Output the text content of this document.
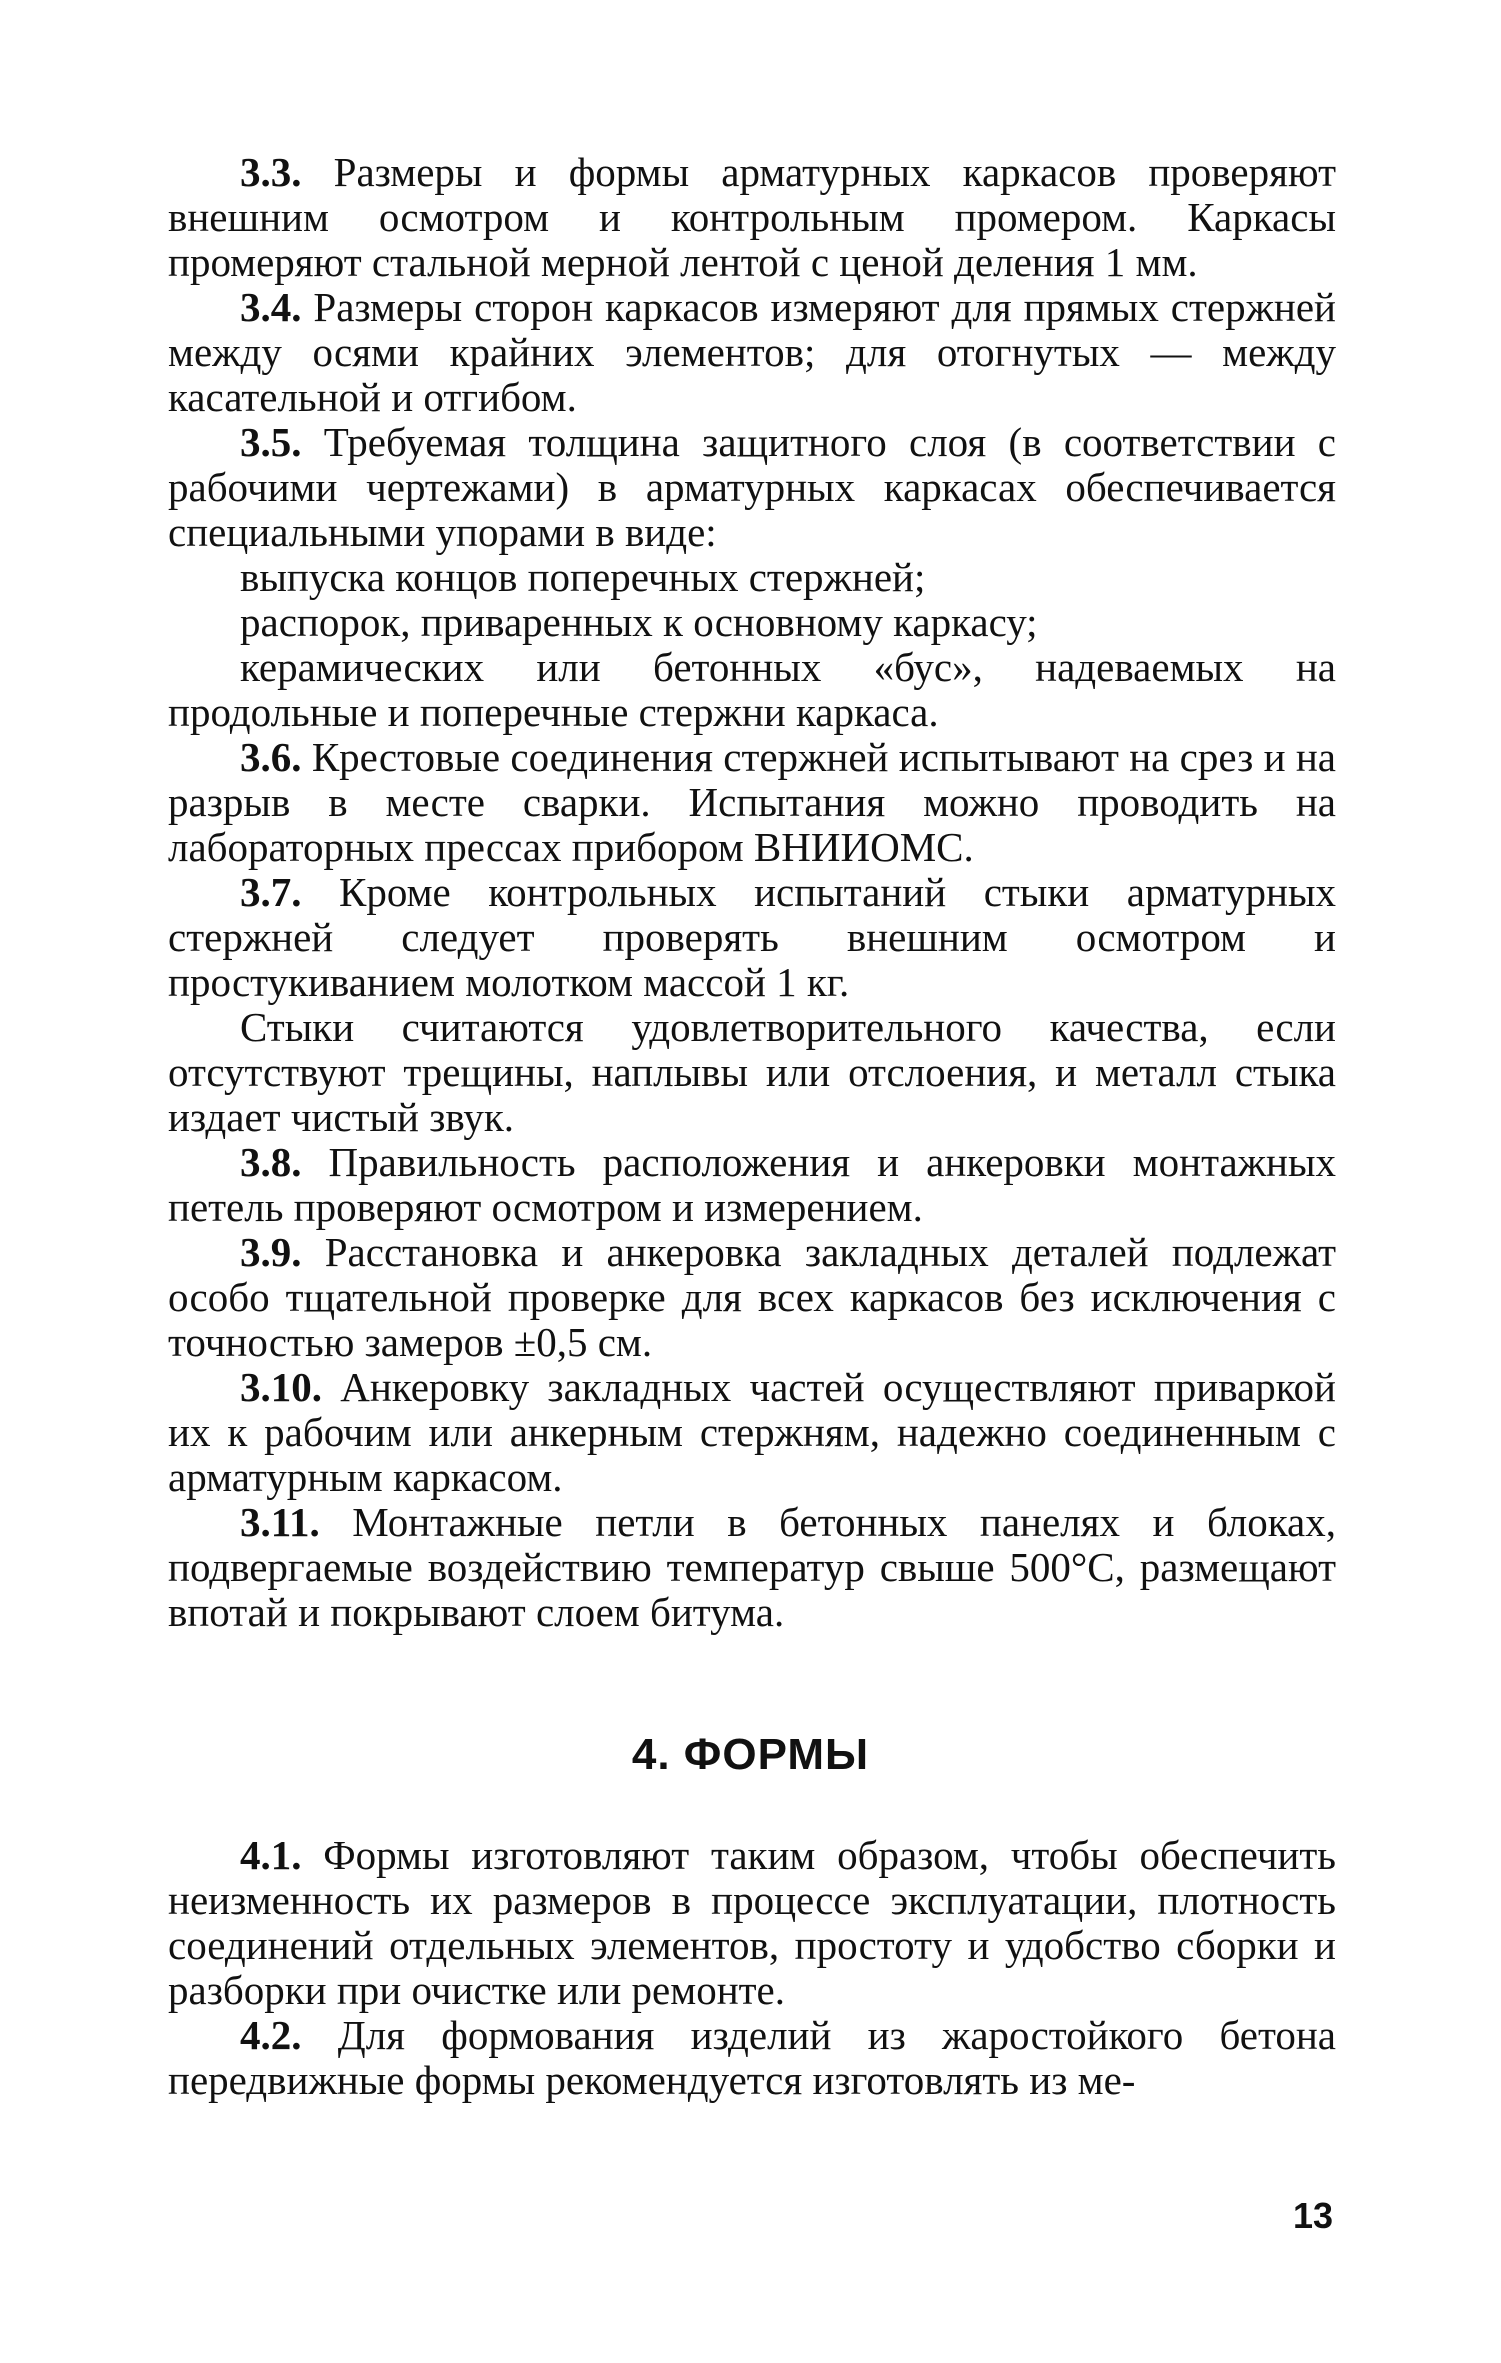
3.3. Размеры и формы арматурных каркасов проверяют внешним осмотром и контрольным промером. Каркасы промеряют стальной мерной лентой с ценой деления 1 мм.

3.4. Размеры сторон каркасов измеряют для прямых стержней между осями крайних элементов; для отогнутых — между касательной и отгибом.

3.5. Требуемая толщина защитного слоя (в соответствии с рабочими чертежами) в арматурных каркасах обеспечивается специальными упорами в виде:

выпуска концов поперечных стержней;

распорок, приваренных к основному каркасу;

керамических или бетонных «бус», надеваемых на продольные и поперечные стержни каркаса.

3.6. Крестовые соединения стержней испытывают на срез и на разрыв в месте сварки. Испытания можно проводить на лабораторных прессах прибором ВНИИОМС.

3.7. Кроме контрольных испытаний стыки арматурных стержней следует проверять внешним осмотром и простукиванием молотком массой 1 кг.

Стыки считаются удовлетворительного качества, если отсутствуют трещины, наплывы или отслоения, и металл стыка издает чистый звук.

3.8. Правильность расположения и анкеровки монтажных петель проверяют осмотром и измерением.

3.9. Расстановка и анкеровка закладных деталей подлежат особо тщательной проверке для всех каркасов без исключения с точностью замеров ±0,5 см.

3.10. Анкеровку закладных частей осуществляют приваркой их к рабочим или анкерным стержням, надежно соединенным с арматурным каркасом.

3.11. Монтажные петли в бетонных панелях и блоках, подвергаемые воздействию температур свыше 500°С, размещают впотай и покрывают слоем битума.

4. ФОРМЫ

4.1. Формы изготовляют таким образом, чтобы обеспечить неизменность их размеров в процессе эксплуатации, плотность соединений отдельных элементов, простоту и удобство сборки и разборки при очистке или ремонте.

4.2. Для формования изделий из жаростойкого бетона передвижные формы рекомендуется изготовлять из ме-

13
